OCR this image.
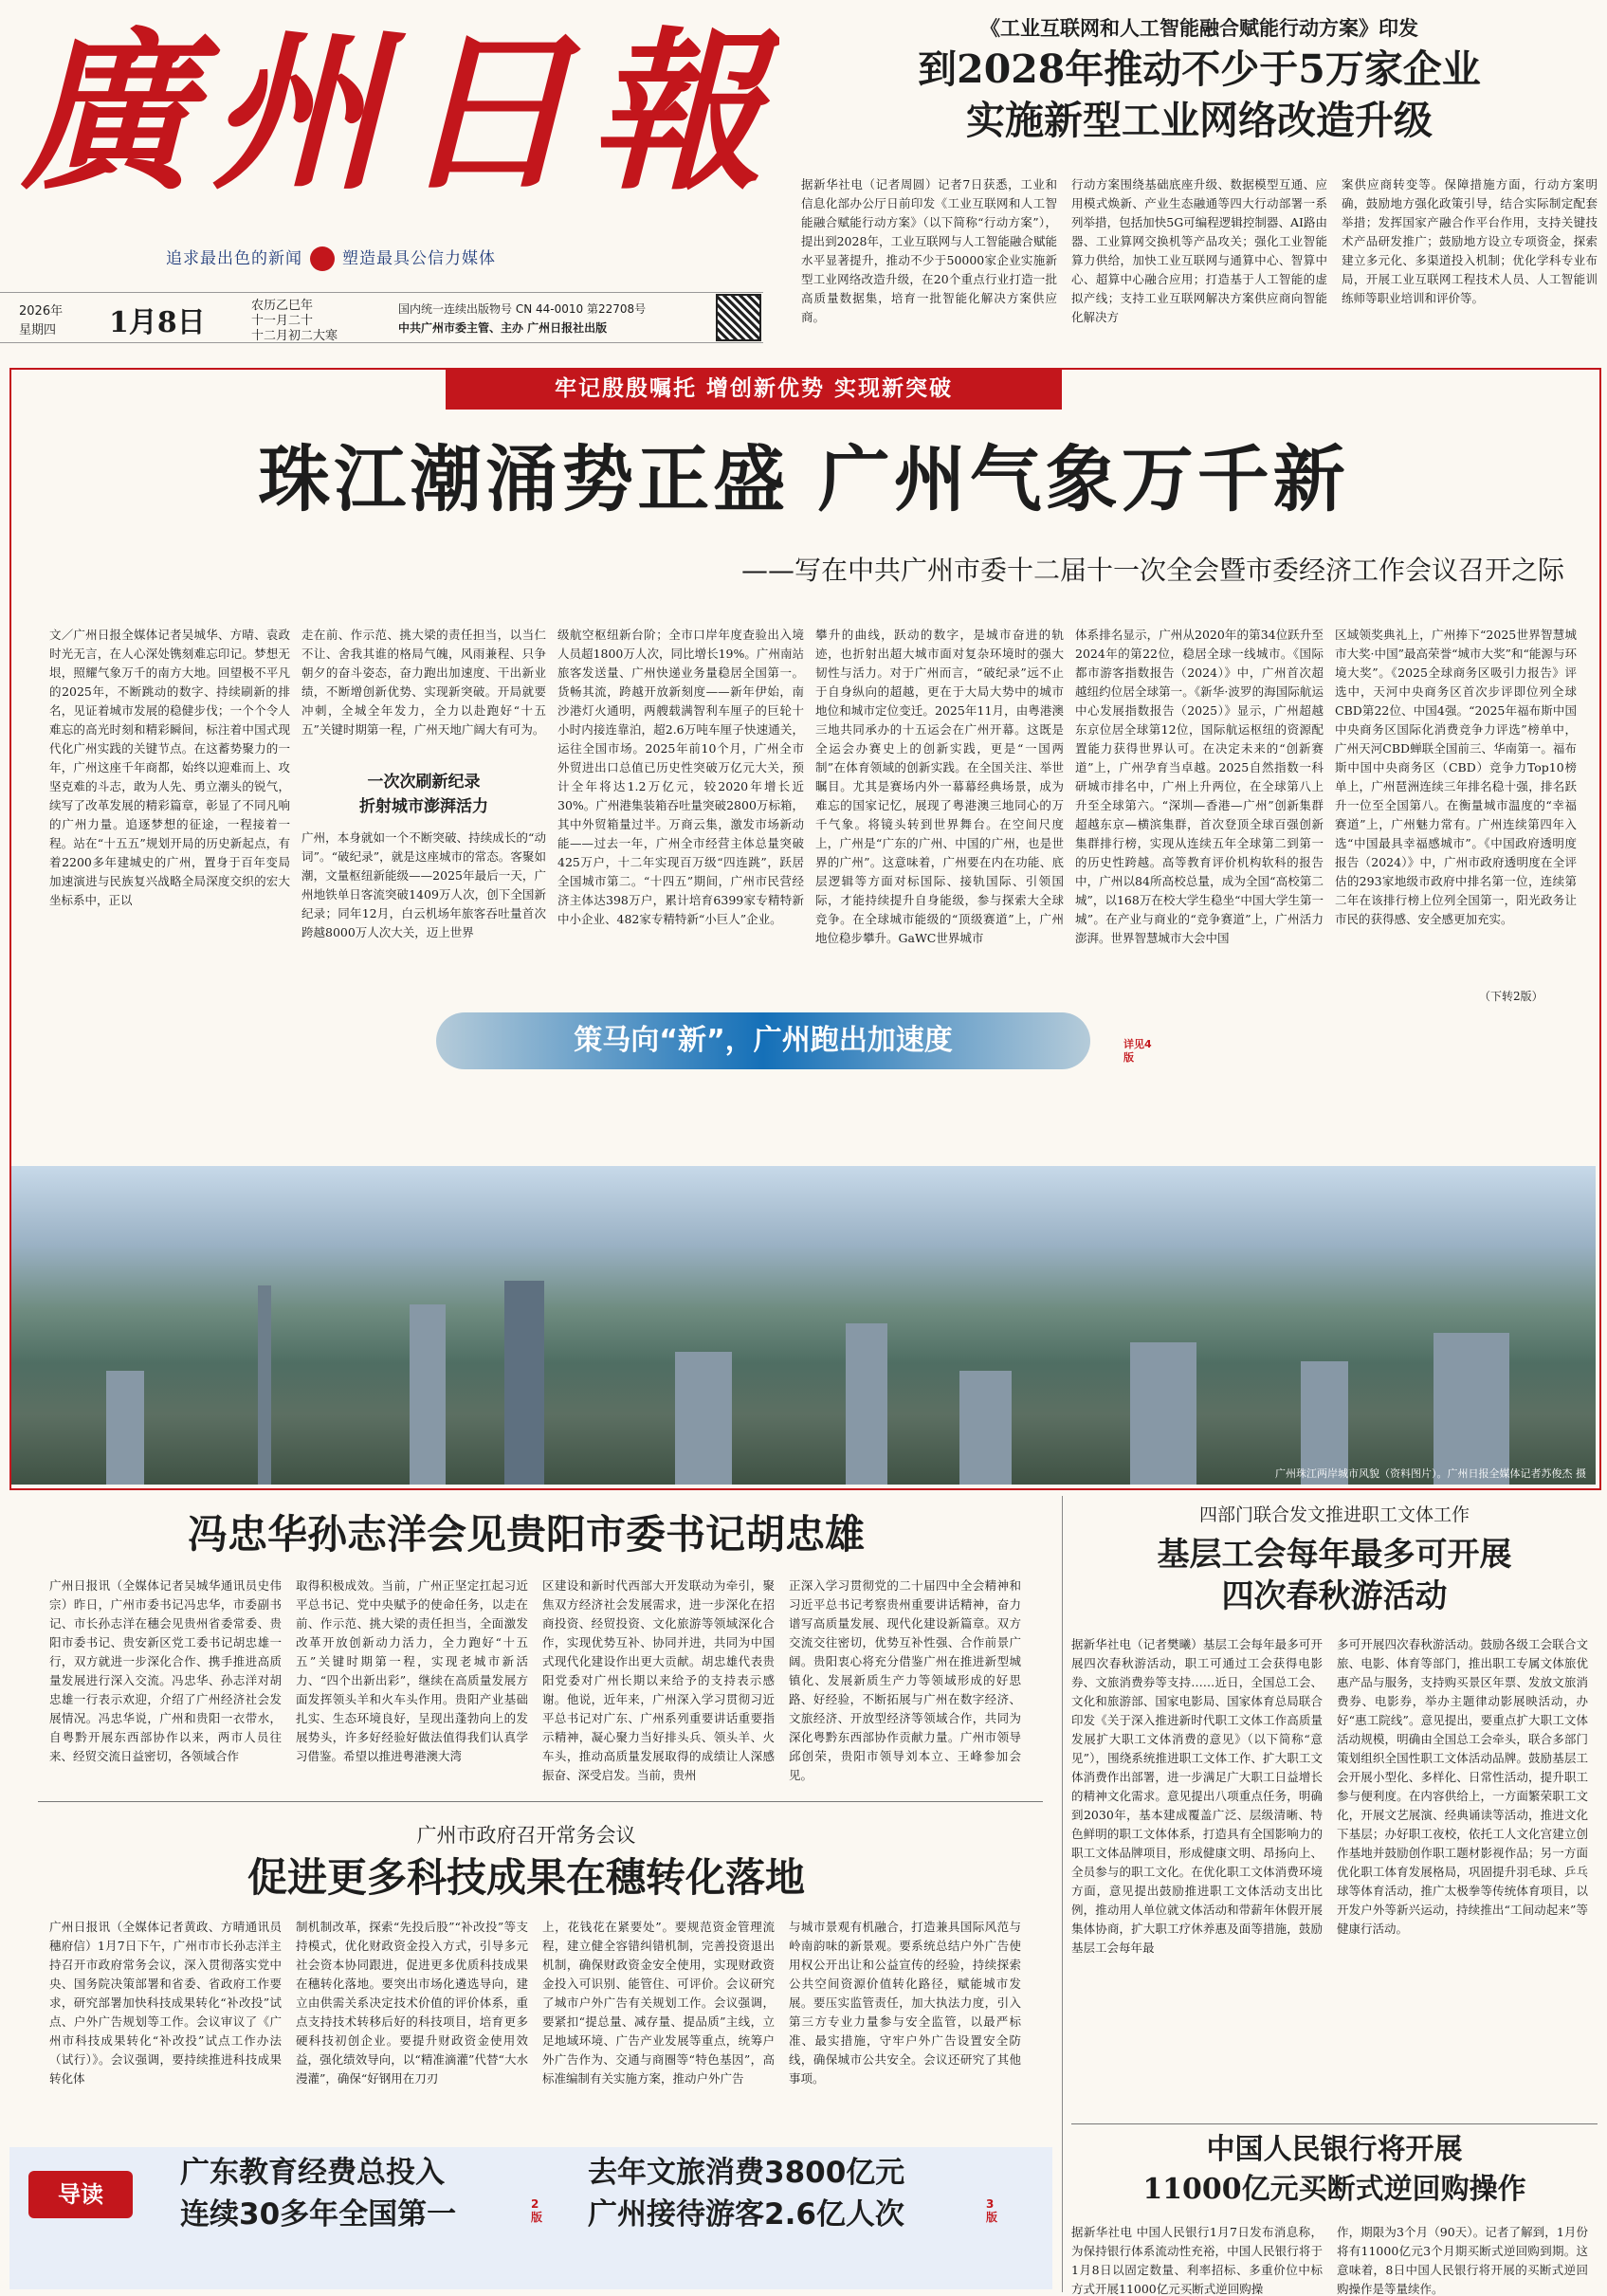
廣州日報
追求最出色的新闻 塑造最具公信力媒体
2026年
星期四 1月8日
农历乙巳年
十一月二十
十二月初二大寒
国内统一连续出版物号 CN 44-0010 第22708号
中共广州市委主管、主办 广州日报社出版
《工业互联网和人工智能融合赋能行动方案》印发
到2028年推动不少于5万家企业
实施新型工业网络改造升级
据新华社电（记者周圆）记者7日获悉，工业和信息化部办公厅日前印发《工业互联网和人工智能融合赋能行动方案》（以下简称“行动方案”），提出到2028年，工业互联网与人工智能融合赋能水平显著提升，推动不少于50000家企业实施新型工业网络改造升级，在20个重点行业打造一批高质量数据集，培育一批智能化解决方案供应商。
行动方案围绕基础底座升级、数据模型互通、应用模式焕新、产业生态融通等四大行动部署一系列举措，包括加快5G可编程逻辑控制器、AI路由器、工业算网交换机等产品攻关；强化工业智能算力供给，加快工业互联网与通算中心、智算中心、超算中心融合应用；打造基于人工智能的虚拟产线；支持工业互联网解决方案供应商向智能化解决方
案供应商转变等。保障措施方面，行动方案明确，鼓励地方强化政策引导，结合实际制定配套举措；发挥国家产融合作平台作用，支持关键技术产品研发推广；鼓励地方设立专项资金，探索建立多元化、多渠道投入机制；优化学科专业布局，开展工业互联网工程技术人员、人工智能训练师等职业培训和评价等。
牢记殷殷嘱托 增创新优势 实现新突破
珠江潮涌势正盛 广州气象万千新
——写在中共广州市委十二届十一次全会暨市委经济工作会议召开之际
文／广州日报全媒体记者吴城华、方晴、袁政 时光无言，在人心深处镌刻难忘印记。梦想无垠，照耀气象万千的南方大地。回望极不平凡的2025年，不断跳动的数字、持续刷新的排名，见证着城市发展的稳健步伐；一个个令人难忘的高光时刻和精彩瞬间，标注着中国式现代化广州实践的关键节点。在这蓄势聚力的一年，广州这座千年商都，始终以迎难而上、攻坚克难的斗志，敢为人先、勇立潮头的锐气，续写了改革发展的精彩篇章，彰显了不同凡响的广州力量。追逐梦想的征途，一程接着一程。站在“十五五”规划开局的历史新起点，有着2200多年建城史的广州，置身于百年变局加速演进与民族复兴战略全局深度交织的宏大坐标系中，正以
走在前、作示范、挑大梁的责任担当，以当仁不让、舍我其谁的格局气魄，风雨兼程、只争朝夕的奋斗姿态，奋力跑出加速度、干出新业绩，不断增创新优势、实现新突破。开局就要冲刺，全城全年发力，全力以赴跑好“十五五”关键时期第一程，广州天地广阔大有可为。
一次次刷新纪录
折射城市澎湃活力
广州，本身就如一个不断突破、持续成长的“动词”。“破纪录”，就是这座城市的常态。客聚如潮，文量枢纽新能级——2025年最后一天，广州地铁单日客流突破1409万人次，创下全国新纪录；同年12月，白云机场年旅客吞吐量首次跨越8000万人次大关，迈上世界
级航空枢纽新台阶；全市口岸年度查验出入境人员超1800万人次，同比增长19%。广州南站旅客发送量、广州快递业务量稳居全国第一。货畅其流，跨越开放新刻度——新年伊始，南沙港灯火通明，两艘载满智利车厘子的巨轮十小时内接连靠泊，超2.6万吨车厘子快速通关，运往全国市场。2025年前10个月，广州全市外贸进出口总值已历史性突破万亿元大关，预计全年将达1.2万亿元，较2020年增长近30%。广州港集装箱吞吐量突破2800万标箱，其中外贸箱量过半。万商云集，激发市场新动能——过去一年，广州全市经营主体总量突破425万户，十二年实现百万级“四连跳”，跃居全国城市第二。“十四五”期间，广州市民营经济主体达398万户，累计培育6399家专精特新中小企业、482家专精特新“小巨人”企业。
攀升的曲线，跃动的数字，是城市奋进的轨迹，也折射出超大城市面对复杂环境时的强大韧性与活力。对于广州而言，“破纪录”远不止于自身纵向的超越，更在于大局大势中的城市地位和城市定位变迁。2025年11月，由粤港澳三地共同承办的十五运会在广州开幕。这既是全运会办赛史上的创新实践，更是“一国两制”在体育领域的创新实践。在全国关注、举世瞩目。尤其是赛场内外一幕幕经典场景，成为难忘的国家记忆，展现了粤港澳三地同心的万千气象。将镜头转到世界舞台。在空间尺度上，广州是“广东的广州、中国的广州，也是世界的广州”。这意味着，广州要在内在功能、底层逻辑等方面对标国际、接轨国际、引领国际，才能持续提升自身能级，参与探索大全球竞争。在全球城市能级的“顶级赛道”上，广州地位稳步攀升。GaWC世界城市
体系排名显示，广州从2020年的第34位跃升至2024年的第22位，稳居全球一线城市。《国际都市游客指数报告（2024）》中，广州首次超越纽约位居全球第一。《新华·波罗的海国际航运中心发展指数报告（2025）》显示，广州超越东京位居全球第12位，国际航运枢纽的资源配置能力获得世界认可。在决定未来的“创新赛道”上，广州孕育当卓越。2025自然指数一科研城市排名中，广州上升两位，在全球第八上升至全球第六。“深圳—香港—广州”创新集群超越东京—横滨集群，首次登顶全球百强创新集群排行榜，实现从连续五年全球第二到第一的历史性跨越。高等教育评价机构软科的报告中，广州以84所高校总量，成为全国“高校第二城”，以168万在校大学生稳坐“中国大学生第一城”。在产业与商业的“竞争赛道”上，广州活力澎湃。世界智慧城市大会中国
区域领奖典礼上，广州捧下“2025世界智慧城市大奖·中国”最高荣誉“城市大奖”和“能源与环境大奖”。《2025全球商务区吸引力报告》评选中，天河中央商务区首次步评即位列全球CBD第22位、中国4强。“2025年福布斯中国中央商务区国际化消费竞争力评选”榜单中，广州天河CBD蝉联全国前三、华南第一。福布斯中国中央商务区（CBD）竞争力Top10榜单上，广州琶洲连续三年排名稳十强，排名跃升一位至全国第八。在衡量城市温度的“幸福赛道”上，广州魅力常有。广州连续第四年入选“中国最具幸福感城市”。《中国政府透明度报告（2024）》中，广州市政府透明度在全评估的293家地级市政府中排名第一位，连续第二年在该排行榜上位列全国第一，阳光政务让市民的获得感、安全感更加充实。
（下转2版）
广州珠江两岸城市风貌（资料图片）。广州日报全媒体记者苏俊杰 摄
策马向“新”，广州跑出加速度	详见4版
冯忠华孙志洋会见贵阳市委书记胡忠雄
广州日报讯（全媒体记者吴城华通讯员史伟宗）昨日，广州市委书记冯忠华，市委副书记、市长孙志洋在穗会见贵州省委常委、贵阳市委书记、贵安新区党工委书记胡忠雄一行，双方就进一步深化合作、携手推进高质量发展进行深入交流。冯忠华、孙志洋对胡忠雄一行表示欢迎，介绍了广州经济社会发展情况。冯忠华说，广州和贵阳一衣带水，自粤黔开展东西部协作以来，两市人员往来、经贸交流日益密切，各领域合作
取得积极成效。当前，广州正坚定扛起习近平总书记、党中央赋予的使命任务，以走在前、作示范、挑大梁的责任担当，全面激发改革开放创新动力活力，全力跑好“十五五”关键时期第一程，实现老城市新活力、“四个出新出彩”，继续在高质量发展方面发挥领头羊和火车头作用。贵阳产业基础扎实、生态环境良好，呈现出蓬勃向上的发展势头，许多好经验好做法值得我们认真学习借鉴。希望以推进粤港澳大湾
区建设和新时代西部大开发联动为牵引，聚焦双方经济社会发展需求，进一步深化在招商投资、经贸投资、文化旅游等领域深化合作，实现优势互补、协同并进，共同为中国式现代化建设作出更大贡献。胡忠雄代表贵阳党委对广州长期以来给予的支持表示感谢。他说，近年来，广州深入学习贯彻习近平总书记对广东、广州系列重要讲话重要指示精神，凝心聚力当好排头兵、领头羊、火车头，推动高质量发展取得的成绩让人深感振奋、深受启发。当前，贵州
正深入学习贯彻党的二十届四中全会精神和习近平总书记考察贵州重要讲话精神，奋力谱写高质量发展、现代化建设新篇章。双方交流交往密切，优势互补性强、合作前景广阔。贵阳衷心将充分借鉴广州在推进新型城镇化、发展新质生产力等领域形成的好思路、好经验，不断拓展与广州在数字经济、文旅经济、开放型经济等领域合作，共同为深化粤黔东西部协作贡献力量。广州市领导邱创荣，贵阳市领导刘本立、王峰参加会见。
广州市政府召开常务会议
促进更多科技成果在穗转化落地
广州日报讯（全媒体记者黄政、方晴通讯员穗府信）1月7日下午，广州市市长孙志洋主持召开市政府常务会议，深入贯彻落实党中央、国务院决策部署和省委、省政府工作要求，研究部署加快科技成果转化“补改投”试点、户外广告规划等工作。会议审议了《广州市科技成果转化“补改投”试点工作办法（试行）》。会议强调，要持续推进科技成果转化体
制机制改革，探索“先投后股”“补改投”等支持模式，优化财政资金投入方式，引导多元社会资本协同跟进，促进更多优质科技成果在穗转化落地。要突出市场化遴选导向，建立由供需关系决定技术价值的评价体系，重点支持技术转移后好的科技项目，培育更多硬科技初创企业。要提升财政资金使用效益，强化绩效导向，以“精准滴灌”代替“大水漫灌”，确保“好钢用在刀刃
上，花钱花在紧要处”。要规范资金管理流程，建立健全容错纠错机制，完善投资退出机制，确保财政资金安全使用，实现财政资金投入可识别、能管住、可评价。会议研究了城市户外广告有关规划工作。会议强调，要紧扣“提总量、减存量、提品质”主线，立足地域环境、广告产业发展等重点，统筹户外广告作为、交通与商圈等“特色基因”，高标准编制有关实施方案，推动户外广告
与城市景观有机融合，打造兼具国际风范与岭南韵味的新景观。要系统总结户外广告使用权公开出让和公益宣传的经验，持续探索公共空间资源价值转化路径，赋能城市发展。要压实监管责任，加大执法力度，引入第三方专业力量参与安全监管，以最严标准、最实措施，守牢户外广告设置安全防线，确保城市公共安全。会议还研究了其他事项。
四部门联合发文推进职工文体工作
基层工会每年最多可开展
四次春秋游活动
据新华社电（记者樊曦）基层工会每年最多可开展四次春秋游活动，职工可通过工会获得电影券、文旅消费券等支持……近日，全国总工会、文化和旅游部、国家电影局、国家体育总局联合印发《关于深入推进新时代职工文体工作高质量发展扩大职工文体消费的意见》（以下简称“意见”），围绕系统推进职工文体工作、扩大职工文体消费作出部署，进一步满足广大职工日益增长的精神文化需求。意见提出八项重点任务，明确到2030年，基本建成覆盖广泛、层级清晰、特色鲜明的职工文体体系，打造具有全国影响力的职工文体品牌项目，形成健康文明、昂扬向上、全员参与的职工文化。在优化职工文体消费环境方面，意见提出鼓励推进职工文体活动支出比例，推动用人单位就文体活动和带薪年休假开展集体协商，扩大职工疗休养惠及面等措施，鼓励基层工会每年最
多可开展四次春秋游活动。鼓励各级工会联合文旅、电影、体育等部门，推出职工专属文体旅优惠产品与服务，支持购买景区年票、发放文旅消费券、电影券，举办主题律动影展映活动，办好“惠工院线”。意见提出，要重点扩大职工文体活动规模，明确由全国总工会牵头，联合多部门策划组织全国性职工文体活动品牌。鼓励基层工会开展小型化、多样化、日常性活动，提升职工参与便利度。在内容供给上，一方面繁荣职工文化，开展文艺展演、经典诵读等活动，推进文化下基层；办好职工夜校，依托工人文化宫建立创作基地并鼓励创作职工题材影视作品；另一方面优化职工体育发展格局，巩固提升羽毛球、乒乓球等体育活动，推广太极拳等传统体育项目，以开发户外等新兴运动，持续推出“工间动起来”等健康行活动。
中国人民银行将开展
11000亿元买断式逆回购操作
据新华社电 中国人民银行1月7日发布消息称，为保持银行体系流动性充裕，中国人民银行将于1月8日以固定数量、利率招标、多重价位中标方式开展11000亿元买断式逆回购操
作，期限为3个月（90天）。记者了解到，1月份将有11000亿元3个月期买断式逆回购到期。这意味着，8日中国人民银行将开展的买断式逆回购操作是等量续作。
导读
广东教育经费总投入
连续30多年全国第一	2版
去年文旅消费3800亿元
广州接待游客2.6亿人次	3版
